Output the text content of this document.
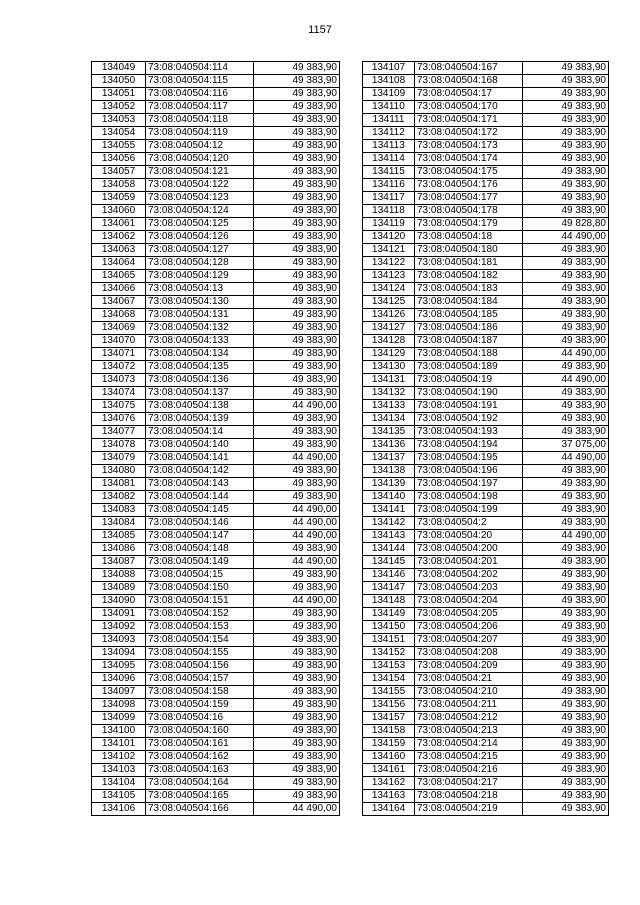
1157
134049	73:08:040504:114	49 383,90
134050	73:08:040504:115	49 383,90
134051	73:08:040504:116	49 383,90
134052	73:08:040504:117	49 383,90
134053	73:08:040504:118	49 383,90
134054	73:08:040504:119	49 383,90
134055	73:08:040504:12	49 383,90
134056	73:08:040504:120	49 383,90
134057	73:08:040504:121	49 383,90
134058	73:08:040504:122	49 383,90
134059	73:08:040504:123	49 383,90
134060	73:08:040504:124	49 383,90
134061	73:08:040504:125	49 383,90
134062	73:08:040504:126	49 383,90
134063	73:08:040504:127	49 383,90
134064	73:08:040504:128	49 383,90
134065	73:08:040504:129	49 383,90
134066	73:08:040504:13	49 383,90
134067	73:08:040504:130	49 383,90
134068	73:08:040504:131	49 383,90
134069	73:08:040504:132	49 383,90
134070	73:08:040504:133	49 383,90
134071	73:08:040504:134	49 383,90
134072	73:08:040504:135	49 383,90
134073	73:08:040504:136	49 383,90
134074	73:08:040504:137	49 383,90
134075	73:08:040504:138	44 490,00
134076	73:08:040504:139	49 383,90
134077	73:08:040504:14	49 383,90
134078	73:08:040504:140	49 383,90
134079	73:08:040504:141	44 490,00
134080	73:08:040504:142	49 383,90
134081	73:08:040504:143	49 383,90
134082	73:08:040504:144	49 383,90
134083	73:08:040504:145	44 490,00
134084	73:08:040504:146	44 490,00
134085	73:08:040504:147	44 490,00
134086	73:08:040504:148	49 383,90
134087	73:08:040504:149	44 490,00
134088	73:08:040504:15	49 383,90
134089	73:08:040504:150	49 383,90
134090	73:08:040504:151	44 490,00
134091	73:08:040504:152	49 383,90
134092	73:08:040504:153	49 383,90
134093	73:08:040504:154	49 383,90
134094	73:08:040504:155	49 383,90
134095	73:08:040504:156	49 383,90
134096	73:08:040504:157	49 383,90
134097	73:08:040504:158	49 383,90
134098	73:08:040504:159	49 383,90
134099	73:08:040504:16	49 383,90
134100	73:08:040504:160	49 383,90
134101	73:08:040504:161	49 383,90
134102	73:08:040504:162	49 383,90
134103	73:08:040504:163	49 383,90
134104	73:08:040504:164	49 383,90
134105	73:08:040504:165	49 383,90
134106	73:08:040504:166	44 490,00
134107	73:08:040504:167	49 383,90
134108	73:08:040504:168	49 383,90
134109	73:08:040504:17	49 383,90
134110	73:08:040504:170	49 383,90
134111	73:08:040504:171	49 383,90
134112	73:08:040504:172	49 383,90
134113	73:08:040504:173	49 383,90
134114	73:08:040504:174	49 383,90
134115	73:08:040504:175	49 383,90
134116	73:08:040504:176	49 383,90
134117	73:08:040504:177	49 383,90
134118	73:08:040504:178	49 383,90
134119	73:08:040504:179	49 828,80
134120	73:08:040504:18	44 490,00
134121	73:08:040504:180	49 383,90
134122	73:08:040504:181	49 383,90
134123	73:08:040504:182	49 383,90
134124	73:08:040504:183	49 383,90
134125	73:08:040504:184	49 383,90
134126	73:08:040504:185	49 383,90
134127	73:08:040504:186	49 383,90
134128	73:08:040504:187	49 383,90
134129	73:08:040504:188	44 490,00
134130	73:08:040504:189	49 383,90
134131	73:08:040504:19	44 490,00
134132	73:08:040504:190	49 383,90
134133	73:08:040504:191	49 383,90
134134	73:08:040504:192	49 383,90
134135	73:08:040504:193	49 383,90
134136	73:08:040504:194	37 075,00
134137	73:08:040504:195	44 490,00
134138	73:08:040504:196	49 383,90
134139	73:08:040504:197	49 383,90
134140	73:08:040504:198	49 383,90
134141	73:08:040504:199	49 383,90
134142	73:08:040504:2	49 383,90
134143	73:08:040504:20	44 490,00
134144	73:08:040504:200	49 383,90
134145	73:08:040504:201	49 383,90
134146	73:08:040504:202	49 383,90
134147	73:08:040504:203	49 383,90
134148	73:08:040504:204	49 383,90
134149	73:08:040504:205	49 383,90
134150	73:08:040504:206	49 383,90
134151	73:08:040504:207	49 383,90
134152	73:08:040504:208	49 383,90
134153	73:08:040504:209	49 383,90
134154	73:08:040504:21	49 383,90
134155	73:08:040504:210	49 383,90
134156	73:08:040504:211	49 383,90
134157	73:08:040504:212	49 383,90
134158	73:08:040504:213	49 383,90
134159	73:08:040504:214	49 383,90
134160	73:08:040504:215	49 383,90
134161	73:08:040504:216	49 383,90
134162	73:08:040504:217	49 383,90
134163	73:08:040504:218	49 383,90
134164	73:08:040504:219	49 383,90
